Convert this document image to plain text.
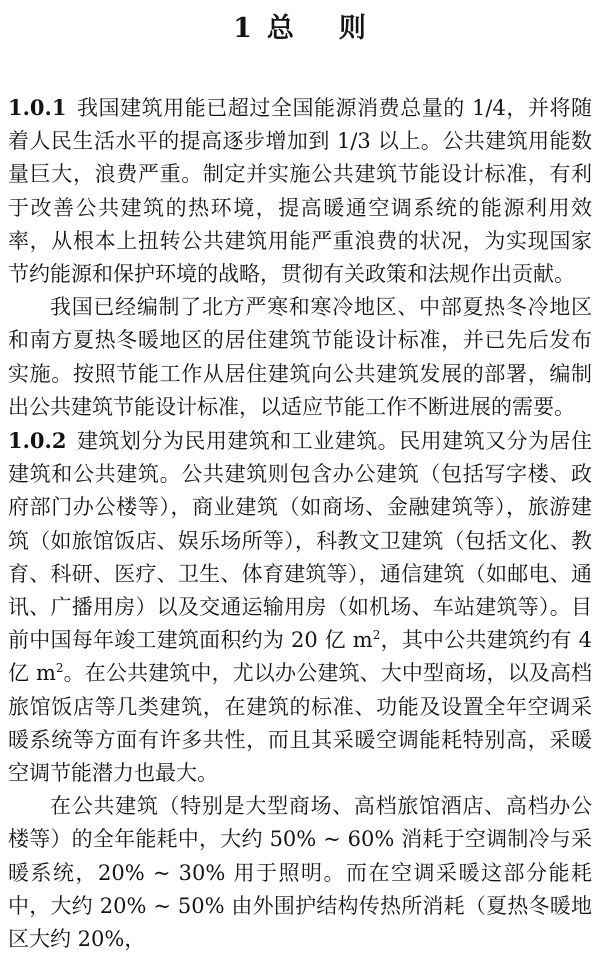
1 总 则

1.0.1 我国建筑用能已超过全国能源消费总量的 1/4，并将随着人民生活水平的提高逐步增加到 1/3 以上。公共建筑用能数量巨大，浪费严重。制定并实施公共建筑节能设计标准，有利于改善公共建筑的热环境，提高暖通空调系统的能源利用效率，从根本上扭转公共建筑用能严重浪费的状况，为实现国家节约能源和保护环境的战略，贯彻有关政策和法规作出贡献。

我国已经编制了北方严寒和寒冷地区、中部夏热冬冷地区和南方夏热冬暖地区的居住建筑节能设计标准，并已先后发布实施。按照节能工作从居住建筑向公共建筑发展的部署，编制出公共建筑节能设计标准，以适应节能工作不断进展的需要。

1.0.2 建筑划分为民用建筑和工业建筑。民用建筑又分为居住建筑和公共建筑。公共建筑则包含办公建筑（包括写字楼、政府部门办公楼等），商业建筑（如商场、金融建筑等），旅游建筑（如旅馆饭店、娱乐场所等），科教文卫建筑（包括文化、教育、科研、医疗、卫生、体育建筑等），通信建筑（如邮电、通讯、广播用房）以及交通运输用房（如机场、车站建筑等）。目前中国每年竣工建筑面积约为 20 亿 $m^2$，其中公共建筑约有 4 亿 $m^2$。在公共建筑中，尤以办公建筑、大中型商场，以及高档旅馆饭店等几类建筑，在建筑的标准、功能及设置全年空调采暖系统等方面有许多共性，而且其采暖空调能耗特别高，采暖空调节能潜力也最大。

在公共建筑（特别是大型商场、高档旅馆酒店、高档办公楼等）的全年能耗中，大约 50% ~ 60% 消耗于空调制冷与采暖系统，20% ~ 30% 用于照明。而在空调采暖这部分能耗中，大约 20% ~ 50% 由外围护结构传热所消耗（夏热冬暖地区大约 20%，
